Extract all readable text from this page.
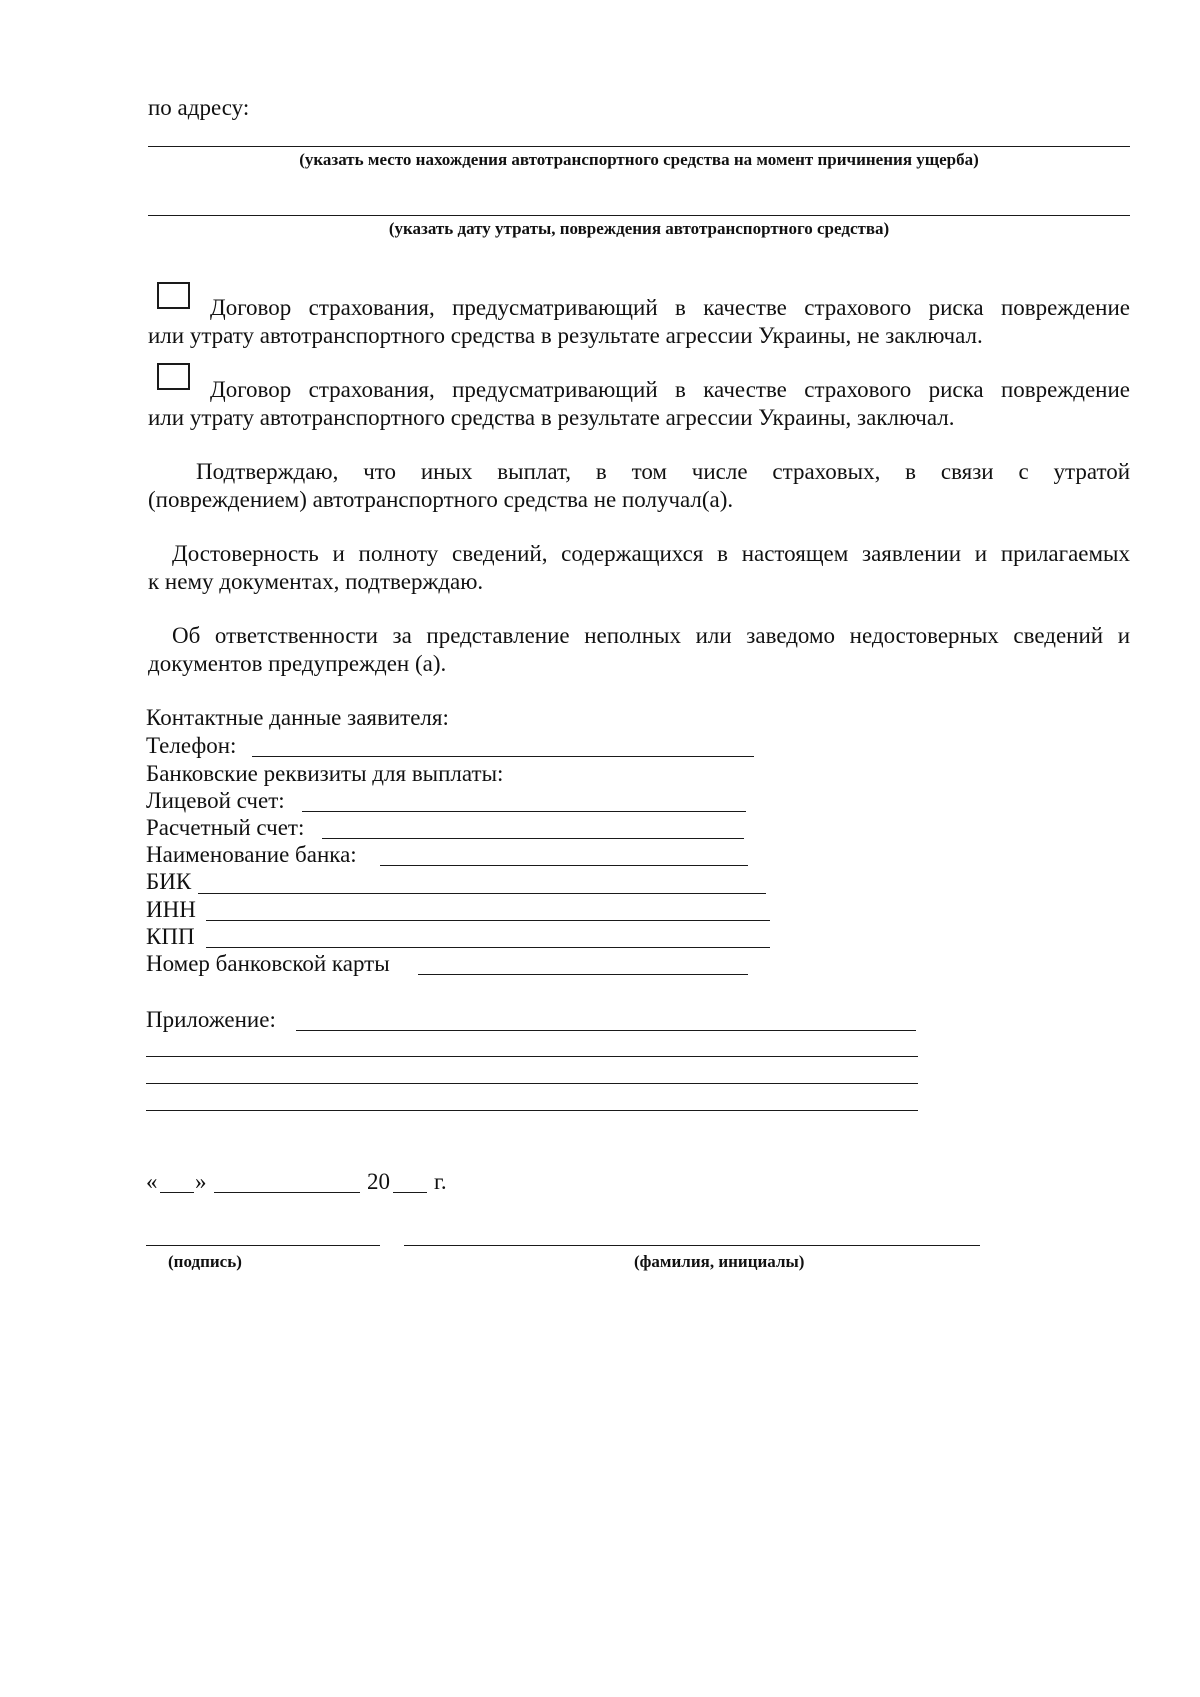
по адресу:
(указать место нахождения автотранспортного средства на момент причинения ущерба)
(указать дату утраты, повреждения автотранспортного средства)
Договор страхования, предусматривающий в качестве страхового риска повреждение
или утрату автотранспортного средства в результате агрессии Украины, не заключал.
Договор страхования, предусматривающий в качестве страхового риска повреждение
или утрату автотранспортного средства в результате агрессии Украины, заключал.
Подтверждаю, что иных выплат, в том числе страховых, в связи с утратой
(повреждением) автотранспортного средства не получал(а).
Достоверность и полноту сведений, содержащихся в настоящем заявлении и прилагаемых
к нему документах, подтверждаю.
Об ответственности за представление неполных или заведомо недостоверных сведений и
документов предупрежден (а).
Контактные данные заявителя:
Телефон:
Банковские реквизиты для выплаты:
Лицевой счет:
Расчетный счет:
Наименование банка:
БИК
ИНН
КПП
Номер банковской карты
Приложение:
« »	20 г.
(подпись)	(фамилия, инициалы)
